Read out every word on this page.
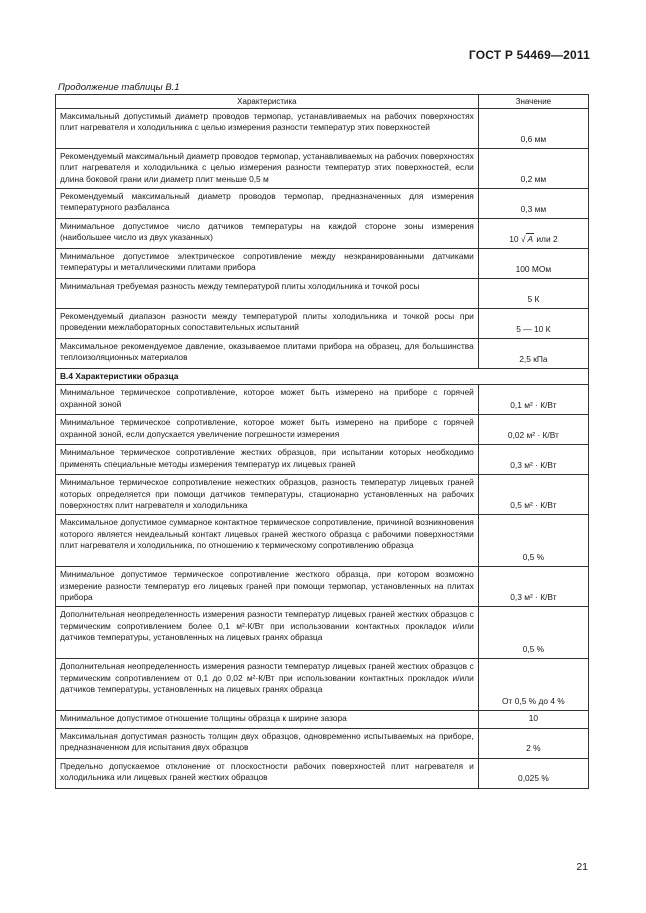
ГОСТ Р 54469—2011
Продолжение таблицы В.1
Характеристика	Значение
Максимальный допустимый диаметр проводов термопар, устанавливаемых на рабочих поверхностях плит нагревателя и холодильника с целью измерения разности температур этих поверхностей	0,6 мм
Рекомендуемый максимальный диаметр проводов термопар, устанавливаемых на рабочих поверхностях плит нагревателя и холодильника с целью измерения разности температур этих поверхностей, если длина боковой грани или диаметр плит меньше 0,5 м	0,2 мм
Рекомендуемый максимальный диаметр проводов термопар, предназначенных для измерения температурного разбаланса	0,3 мм
Минимальное допустимое число датчиков температуры на каждой стороне зоны измерения (наибольшее число из двух указанных)	10 √ A или 2
Минимальное допустимое электрическое сопротивление между неэкранированными датчиками температуры и металлическими плитами прибора	100 МОм
Минимальная требуемая разность между температурой плиты холодильника и точкой росы	5 К
Рекомендуемый диапазон разности между температурой плиты холодильника и точкой росы при проведении межлабораторных сопоставительных испытаний	5 — 10 К
Максимальное рекомендуемое давление, оказываемое плитами прибора на образец, для большинства теплоизоляционных материалов	2,5 кПа
В.4 Характеристики образца	
Минимальное термическое сопротивление, которое может быть измерено на приборе с горячей охранной зоной	0,1 м² · К/Вт
Минимальное термическое сопротивление, которое может быть измерено на приборе с горячей охранной зоной, если допускается увеличение погрешности измерения	0,02 м² · К/Вт
Минимальное термическое сопротивление жестких образцов, при испытании которых необходимо применять специальные методы измерения температур их лицевых граней	0,3 м² · К/Вт
Минимальное термическое сопротивление нежестких образцов, разность температур лицевых граней которых определяется при помощи датчиков температуры, стационарно установленных на рабочих поверхностях плит нагревателя и холодильника	0,5 м² · К/Вт
Максимальное допустимое суммарное контактное термическое сопротивление, причиной возникновения которого является неидеальный контакт лицевых граней жесткого образца с рабочими поверхностями плит нагревателя и холодильника, по отношению к термическому сопротивлению образца	0,5 %
Минимальное допустимое термическое сопротивление жесткого образца, при котором возможно измерение разности температур его лицевых граней при помощи термопар, установленных на плитах прибора	0,3 м² · К/Вт
Дополнительная неопределенность измерения разности температур лицевых граней жестких образцов с термическим сопротивлением более 0,1 м²·К/Вт при использовании контактных прокладок и/или датчиков температуры, установленных на лицевых гранях образца	0,5 %
Дополнительная неопределенность измерения разности температур лицевых граней жестких образцов с термическим сопротивлением от 0,1 до 0,02 м²·К/Вт при использовании контактных прокладок и/или датчиков температуры, установленных на лицевых гранях образца	От 0,5 % до 4 %
Минимальное допустимое отношение толщины образца к ширине зазора	10
Максимальная допустимая разность толщин двух образцов, одновременно испытываемых на приборе, предназначенном для испытания двух образцов	2 %
Предельно допускаемое отклонение от плоскостности рабочих поверхностей плит нагревателя и холодильника или лицевых граней жестких образцов	0,025 %
21
